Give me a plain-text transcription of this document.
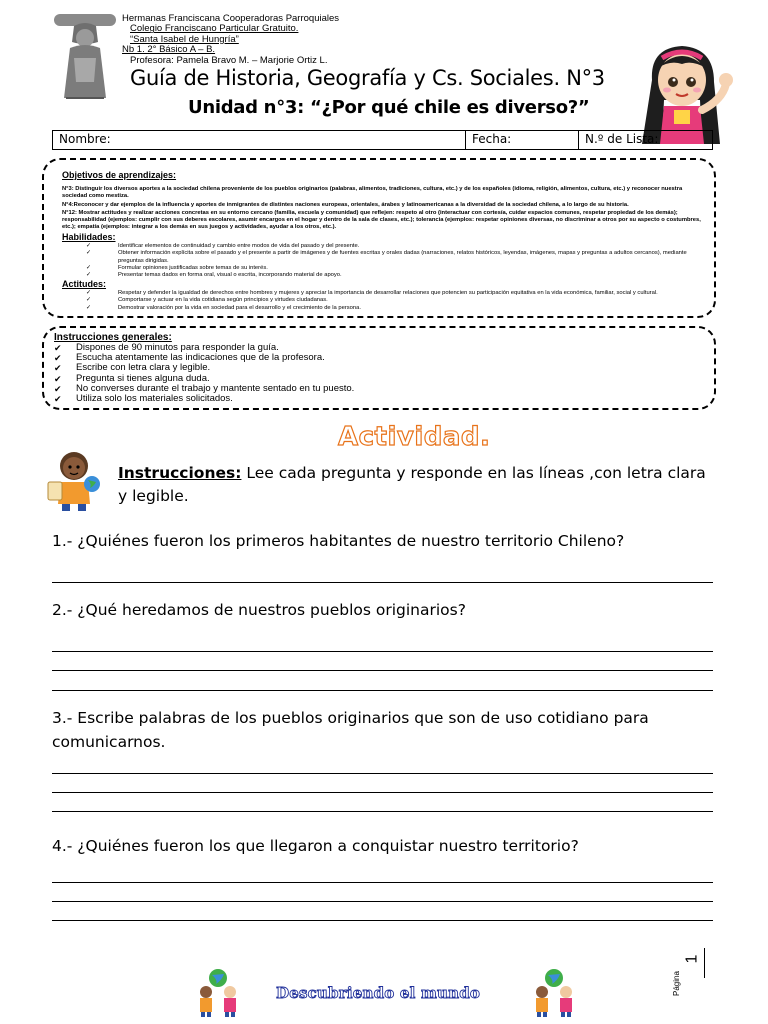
Hermanas Franciscana Cooperadoras Parroquiales
Colegio Franciscano Particular Gratuito.
“Santa Isabel de Hungría”
Nb 1. 2° Básico A – B.
Profesora: Pamela Bravo M. – Marjorie Ortiz L.
Guía de Historia, Geografía y Cs. Sociales. N°3
Unidad n°3: “¿Por qué chile es diverso?”
Nombre:	Fecha:	N.º de Lista:
Objetivos de aprendizajes:
N°3: Distinguir los diversos aportes a la sociedad chilena proveniente de los pueblos originarios (palabras, alimentos, tradiciones, cultura, etc.) y de los españoles (idioma, religión, alimentos, cultura, etc.) y reconocer nuestra sociedad como mestiza.
N°4:Reconocer y dar ejemplos de la influencia y aportes de inmigrantes de distintes naciones europeas, orientales, árabes y latinoamericanas a la diversidad de la sociedad chilena, a lo largo de su historia.
N°12: Mostrar actitudes y realizar acciones concretas en su entorno cercano (familia, escuela y comunidad) que reflejen: respeto al otro (interactuar con cortesía, cuidar espacios comunes, respetar propiedad de los demás); responsabilidad (ejemplos: cumplir con sus deberes escolares, asumir encargos en el hogar y dentro de la sala de clases, etc.); tolerancia (ejemplos: respetar opiniones diversas, no discriminar a otros por su aspecto o costumbres, etc.); empatía (ejemplos: integrar a los demás en sus juegos y actividades, ayudar a los otros, etc.).
Habilidades:
✓ Identificar elementos de continuidad y cambio entre modos de vida del pasado y del presente.
✓ Obtener información explícita sobre el pasado y el presente a partir de imágenes y de fuentes escritas y orales dadas (narraciones, relatos históricos, leyendas, imágenes, mapas y preguntas a adultos cercanos), mediante preguntas dirigidas.
✓ Formular opiniones justificadas sobre temas de su interés.
✓ Presentar temas dados en forma oral, visual o escrita, incorporando material de apoyo.
Actitudes:
✓ Respetar y defender la igualdad de derechos entre hombres y mujeres y apreciar la importancia de desarrollar relaciones que potencien su participación equitativa en la vida económica, familiar, social y cultural.
✓ Comportarse y actuar en la vida cotidiana según principios y virtudes ciudadanas.
✓ Demostrar valoración por la vida en sociedad para el desarrollo y el crecimiento de la persona.
Instrucciones generales:
✔ Dispones de 90 minutos para responder la guía.
✔ Escucha atentamente las indicaciones que de la profesora.
✔ Escribe con letra clara y legible.
✔ Pregunta si tienes alguna duda.
✔ No converses durante el trabajo y mantente sentado en tu puesto.
✔ Utiliza solo los materiales solicitados.
Actividad.
Instrucciones: Lee cada pregunta y responde en las líneas ,con letra clara y legible.
1.- ¿Quiénes fueron los primeros habitantes de nuestro territorio Chileno?
2.- ¿Qué heredamos de nuestros pueblos originarios?
3.- Escribe palabras de los pueblos originarios que son de uso cotidiano para comunicarnos.
4.- ¿Quiénes fueron los que llegaron a conquistar nuestro territorio?
Descubriendo el mundo	Página
1
